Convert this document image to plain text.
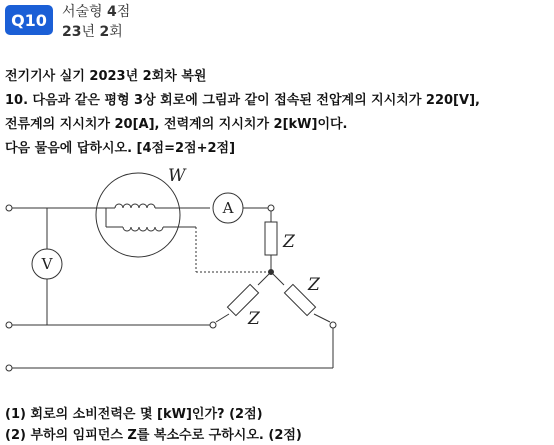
Q10	서술형 4점
23년 2회
전기기사 실기 2023년 2회차 복원
10. 다음과 같은 평형 3상 회로에 그림과 같이 접속된 전압계의 지시치가 220[V],
전류계의 지시치가 20[A], 전력계의 지시치가 2[kW]이다.
다음 물음에 답하시오. [4점=2점+2점]
W
Z
Z
Z
A
V
(1) 회로의 소비전력은 몇 [kW]인가? (2점)
(2) 부하의 임피던스 Z를 복소수로 구하시오. (2점)
